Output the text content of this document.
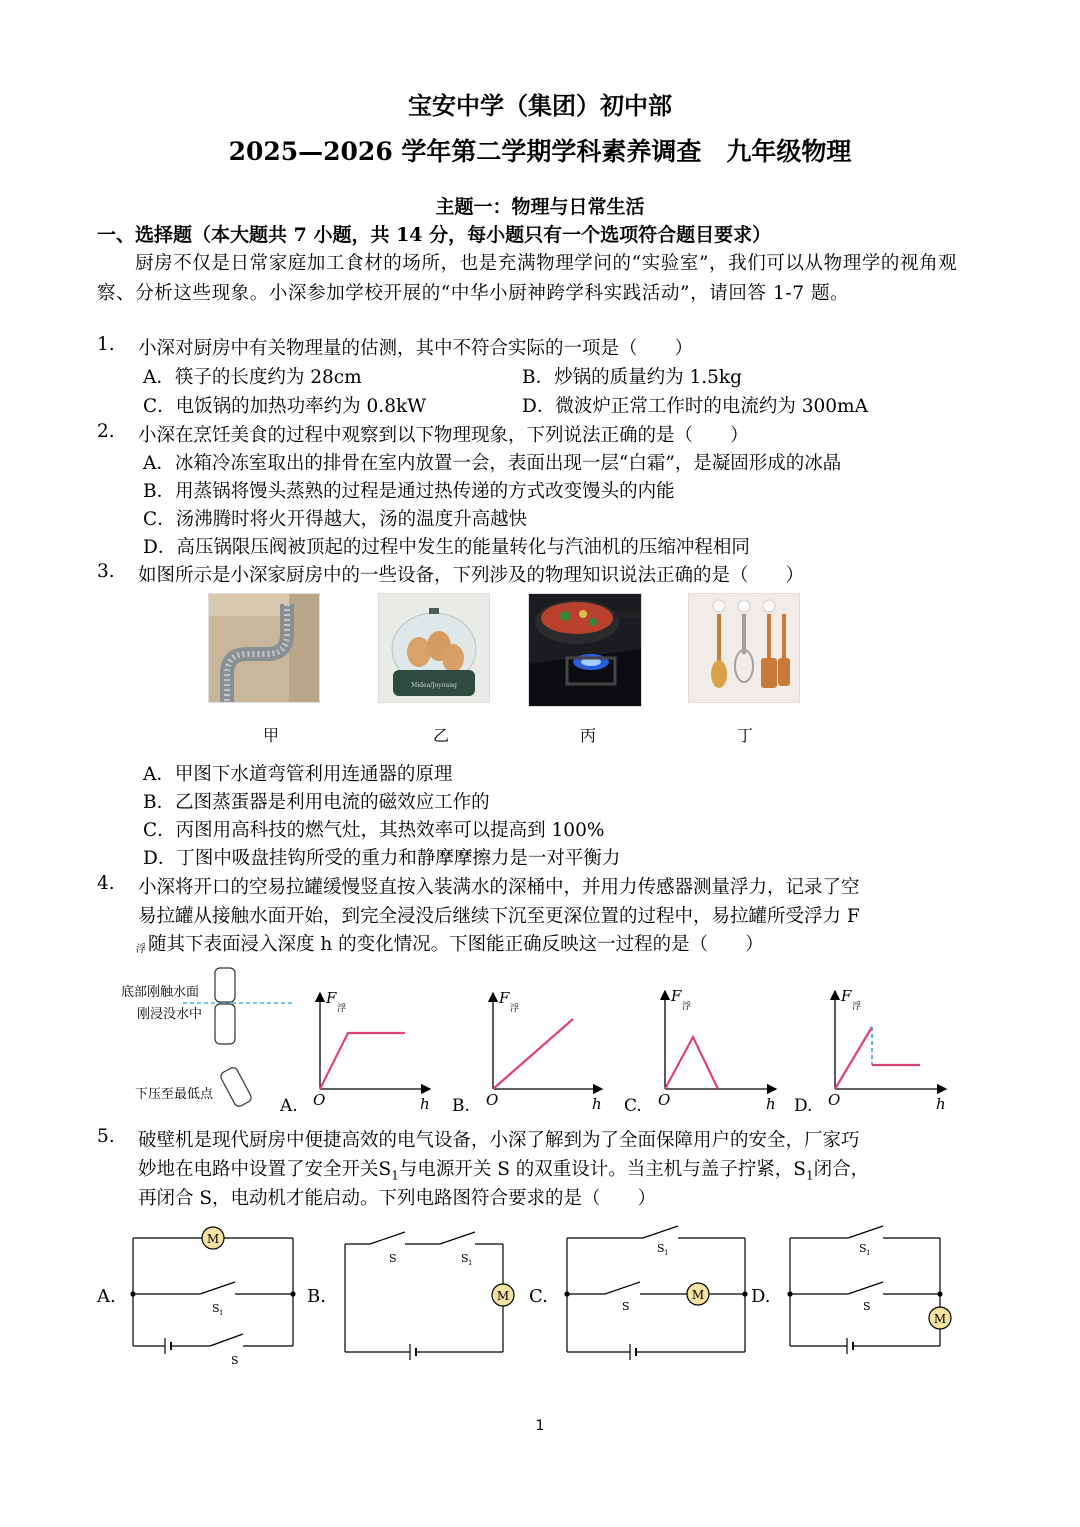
宝安中学（集团）初中部
2025—2026 学年第二学期学科素养调查　九年级物理
主题一：物理与日常生活
一、选择题（本大题共 7 小题，共 14 分，每小题只有一个选项符合题目要求）
厨房不仅是日常家庭加工食材的场所，也是充满物理学问的“实验室”，我们可以从物理学的视角观察、分析这些现象。小深参加学校开展的“中华小厨神跨学科实践活动”，请回答 1-7 题。
1. 小深对厨房中有关物理量的估测，其中不符合实际的一项是（　　）
A．筷子的长度约为 28cm	B．炒锅的质量约为 1.5kg
C．电饭锅的加热功率约为 0.8kW	D．微波炉正常工作时的电流约为 300mA
2. 小深在烹饪美食的过程中观察到以下物理现象，下列说法正确的是（　　）
A．冰箱冷冻室取出的排骨在室内放置一会，表面出现一层“白霜”，是凝固形成的冰晶
B．用蒸锅将馒头蒸熟的过程是通过热传递的方式改变馒头的内能
C．汤沸腾时将火开得越大，汤的温度升高越快
D．高压锅限压阀被顶起的过程中发生的能量转化与汽油机的压缩冲程相同
3. 如图所示是小深家厨房中的一些设备，下列涉及的物理知识说法正确的是（　　）
Midea/Joyoung
甲	乙	丙	丁
A．甲图下水道弯管利用连通器的原理
B．乙图蒸蛋器是利用电流的磁效应工作的
C．丙图用高科技的燃气灶，其热效率可以提高到 100%
D．丁图中吸盘挂钩所受的重力和静摩摩擦力是一对平衡力
4. 小深将开口的空易拉罐缓慢竖直按入装满水的深桶中，并用力传感器测量浮力，记录了空
易拉罐从接触水面开始，到完全浸没后继续下沉至更深位置的过程中，易拉罐所受浮力 F
浮 随其下表面浸入深度 h 的变化情况。下图能正确反映这一过程的是（　　）
底部刚触水面
刚浸没水中
下压至最低点
F
浮
O	h
A.
F
浮
O	h
B.
F
浮
O	h
C.
F
浮
O	h
D.
5. 破壁机是现代厨房中便捷高效的电气设备，小深了解到为了全面保障用户的安全，厂家巧
妙地在电路中设置了安全开关$S_1$与电源开关 S 的双重设计。当主机与盖子拧紧，$S_1$闭合，
再闭合 S，电动机才能启动。下列电路图符合要求的是（　　）
A.
M
S 1
S
B.	M
S	S 1
C.	M
S 1
S	D.
M
S 1
S
1
